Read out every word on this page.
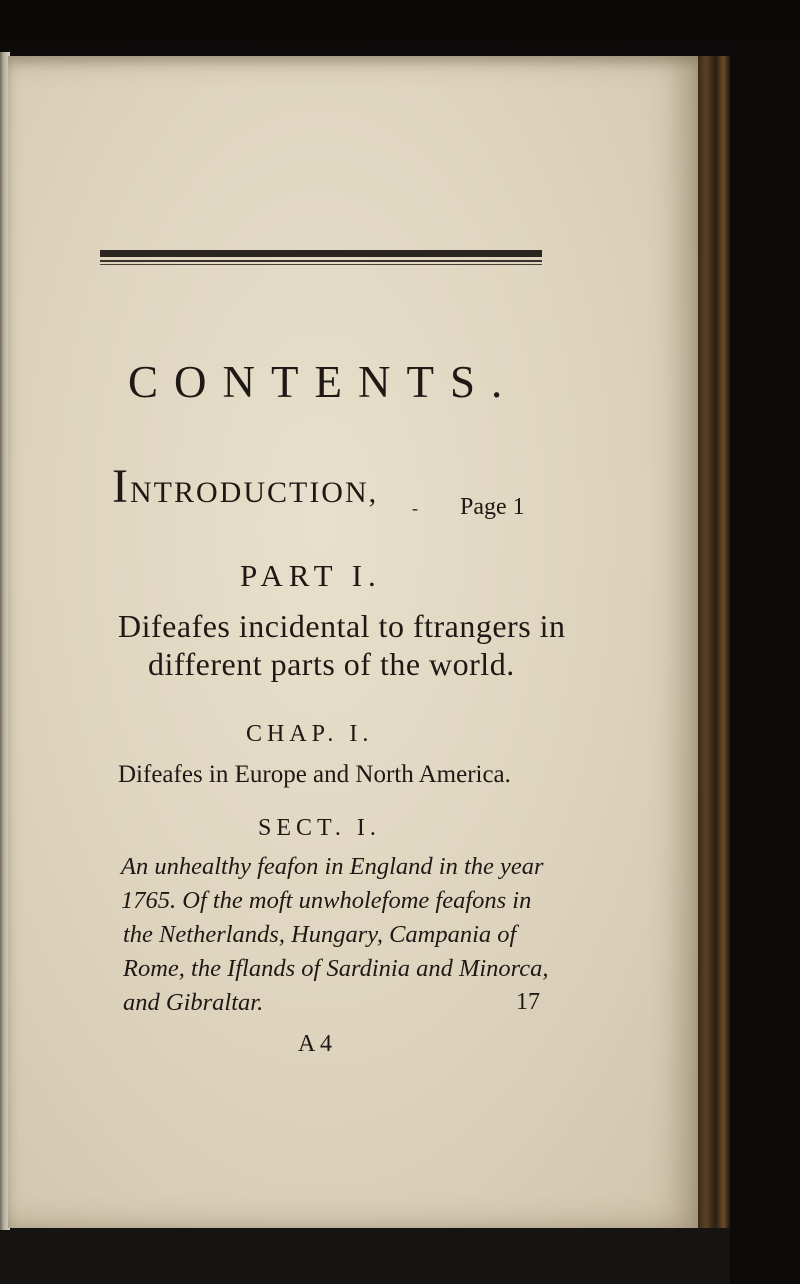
CONTENTS.
INTRODUCTION, - Page 1
PART I.
Difeafes incidental to ftrangers in
different parts of the world.
CHAP. I.
Difeafes in Europe and North America.
SECT. I.
An unhealthy feafon in England in the year
1765. Of the moft unwholefome feafons in
the Netherlands, Hungary, Campania of
Rome, the Iflands of Sardinia and Minorca,
and Gibraltar.	17
A 4
